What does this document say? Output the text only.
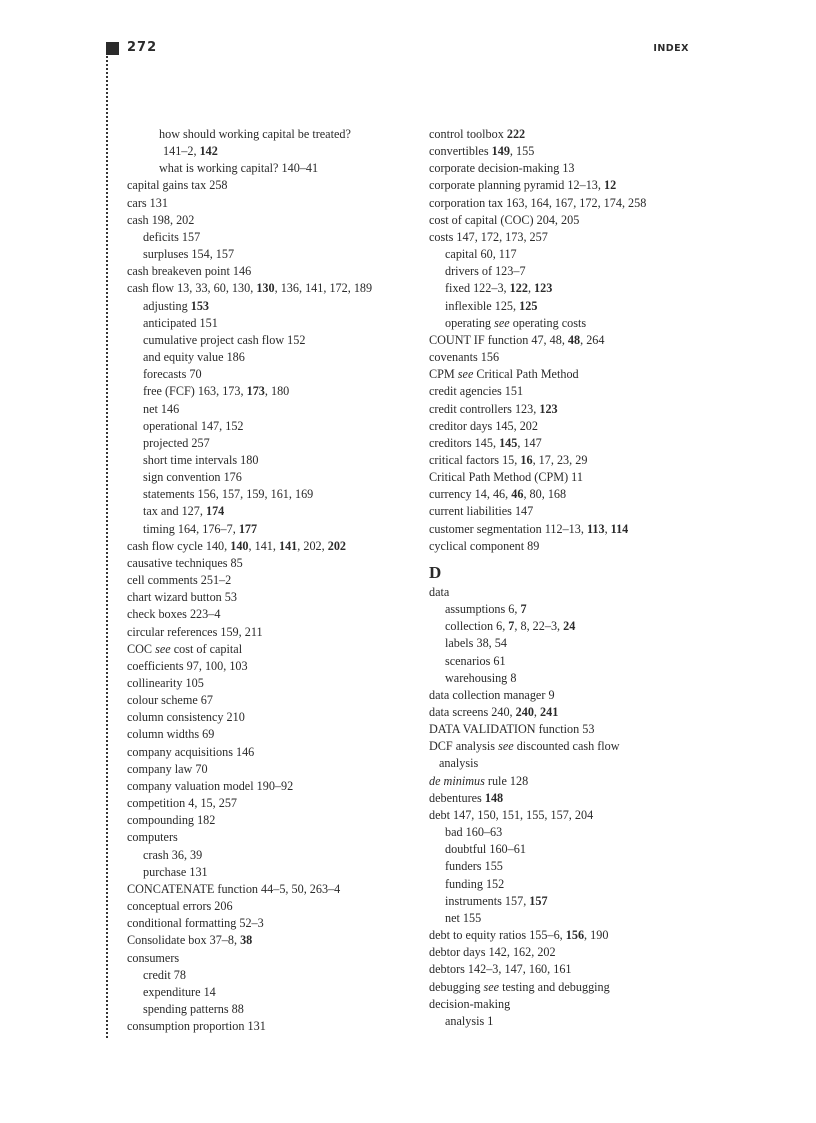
272	INDEX
how should working capital be treated?
141–2, 142
what is working capital? 140–41
capital gains tax 258
cars 131
cash 198, 202
deficits 157
surpluses 154, 157
cash breakeven point 146
cash flow 13, 33, 60, 130, 130, 136, 141, 172, 189
adjusting 153
anticipated 151
cumulative project cash flow 152
and equity value 186
forecasts 70
free (FCF) 163, 173, 173, 180
net 146
operational 147, 152
projected 257
short time intervals 180
sign convention 176
statements 156, 157, 159, 161, 169
tax and 127, 174
timing 164, 176–7, 177
cash flow cycle 140, 140, 141, 141, 202, 202
causative techniques 85
cell comments 251–2
chart wizard button 53
check boxes 223–4
circular references 159, 211
COC see cost of capital
coefficients 97, 100, 103
collinearity 105
colour scheme 67
column consistency 210
column widths 69
company acquisitions 146
company law 70
company valuation model 190–92
competition 4, 15, 257
compounding 182
computers
crash 36, 39
purchase 131
CONCATENATE function 44–5, 50, 263–4
conceptual errors 206
conditional formatting 52–3
Consolidate box 37–8, 38
consumers
credit 78
expenditure 14
spending patterns 88
consumption proportion 131
control toolbox 222
convertibles 149, 155
corporate decision-making 13
corporate planning pyramid 12–13, 12
corporation tax 163, 164, 167, 172, 174, 258
cost of capital (COC) 204, 205
costs 147, 172, 173, 257
capital 60, 117
drivers of 123–7
fixed 122–3, 122, 123
inflexible 125, 125
operating see operating costs
COUNT IF function 47, 48, 48, 264
covenants 156
CPM see Critical Path Method
credit agencies 151
credit controllers 123, 123
creditor days 145, 202
creditors 145, 145, 147
critical factors 15, 16, 17, 23, 29
Critical Path Method (CPM) 11
currency 14, 46, 46, 80, 168
current liabilities 147
customer segmentation 112–13, 113, 114
cyclical component 89
D
data
assumptions 6, 7
collection 6, 7, 8, 22–3, 24
labels 38, 54
scenarios 61
warehousing 8
data collection manager 9
data screens 240, 240, 241
DATA VALIDATION function 53
DCF analysis see discounted cash flow
analysis
de minimus rule 128
debentures 148
debt 147, 150, 151, 155, 157, 204
bad 160–63
doubtful 160–61
funders 155
funding 152
instruments 157, 157
net 155
debt to equity ratios 155–6, 156, 190
debtor days 142, 162, 202
debtors 142–3, 147, 160, 161
debugging see testing and debugging
decision-making
analysis 1
